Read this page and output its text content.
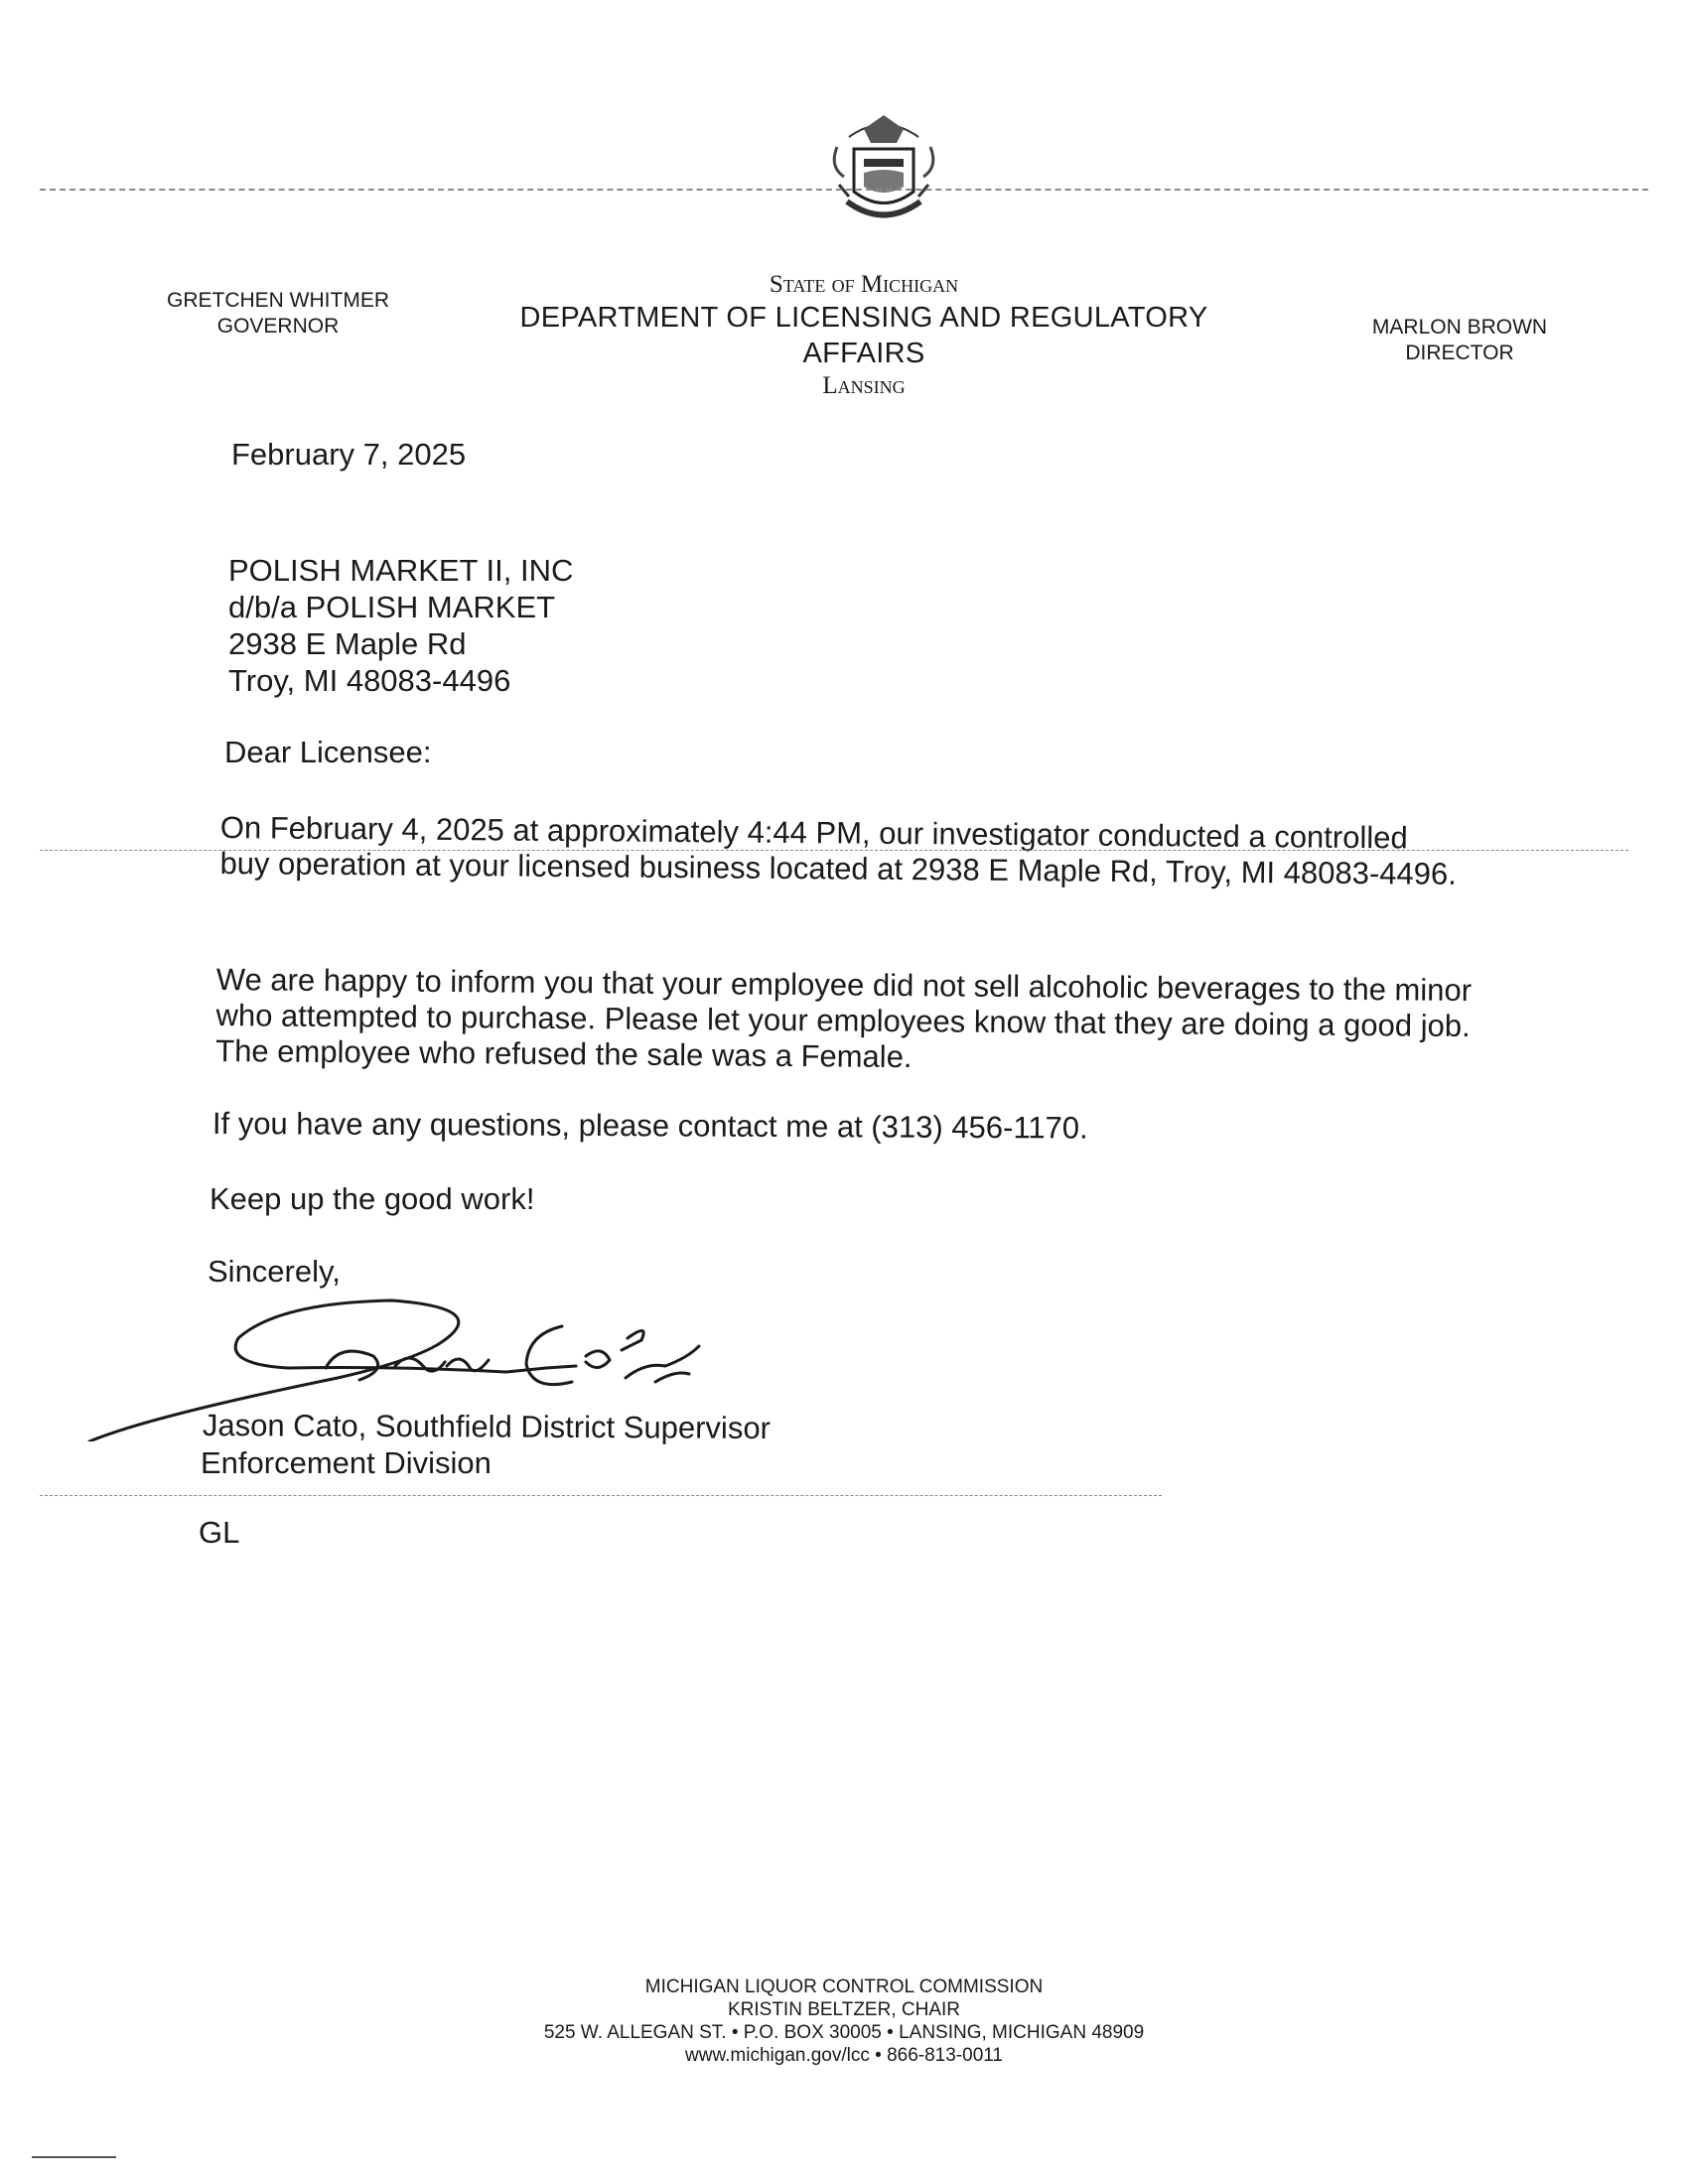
GRETCHEN WHITMER
GOVERNOR
State of Michigan
DEPARTMENT OF LICENSING AND REGULATORY AFFAIRS
Lansing
MARLON BROWN
DIRECTOR
February 7, 2025
POLISH MARKET II, INC
d/b/a POLISH MARKET
2938 E Maple Rd
Troy, MI 48083-4496
Dear Licensee:
On February 4, 2025 at approximately 4:44 PM, our investigator conducted a controlled buy operation at your licensed business located at 2938 E Maple Rd, Troy, MI 48083-4496.
We are happy to inform you that your employee did not sell alcoholic beverages to the minor who attempted to purchase. Please let your employees know that they are doing a good job. The employee who refused the sale was a Female.
If you have any questions, please contact me at (313) 456-1170.
Keep up the good work!
Sincerely,
Jason Cato, Southfield District Supervisor
Enforcement Division
GL
MICHIGAN LIQUOR CONTROL COMMISSION
KRISTIN BELTZER, CHAIR
525 W. ALLEGAN ST. • P.O. BOX 30005 • LANSING, MICHIGAN 48909
www.michigan.gov/lcc • 866-813-0011
